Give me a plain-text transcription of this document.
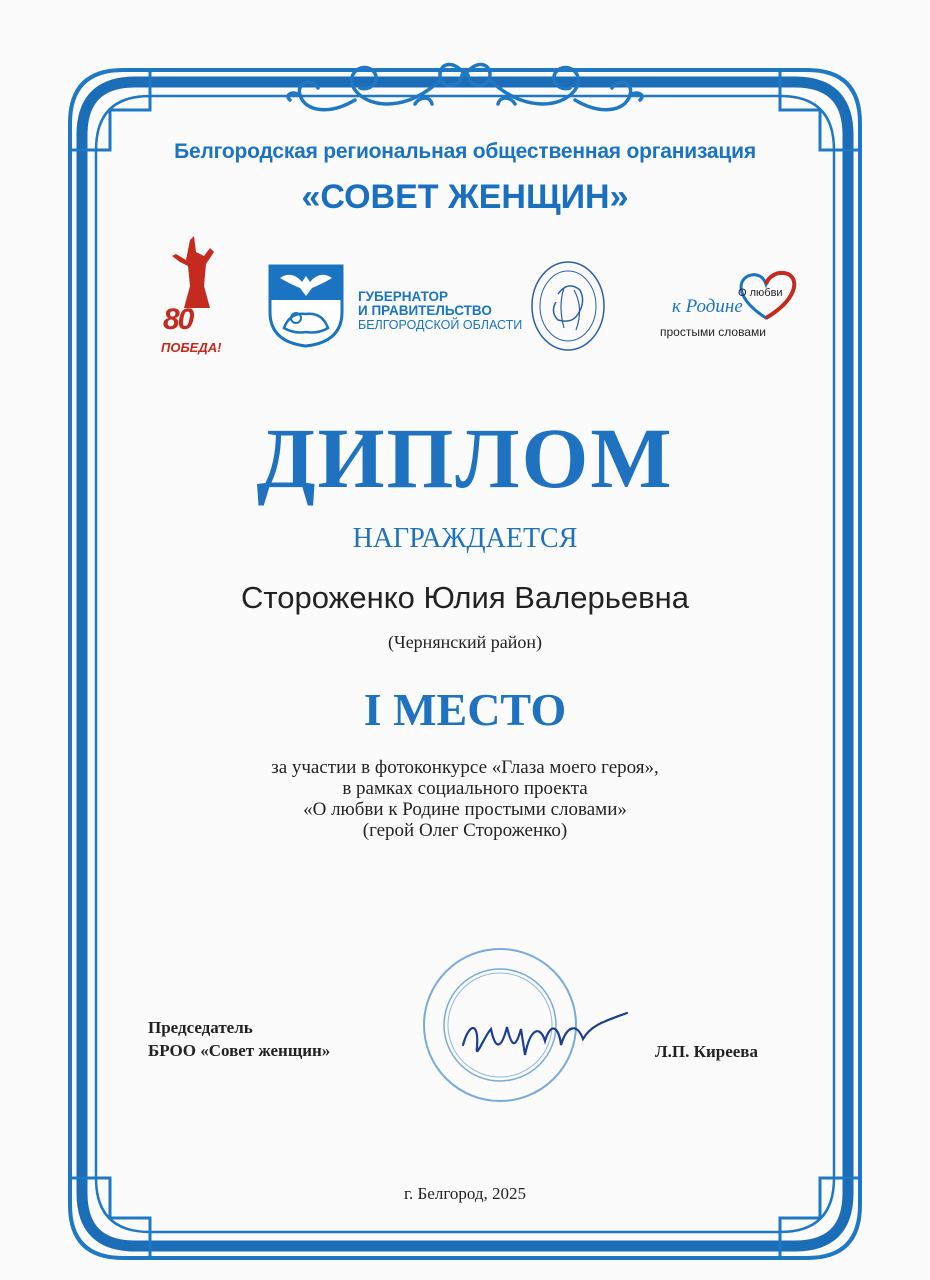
Белгородская региональная общественная организация
«СОВЕТ ЖЕНЩИН»
80
ПОБЕДА!
ГУБЕРНАТОР
И ПРАВИТЕЛЬСТВО
БЕЛГОРОДСКОЙ ОБЛАСТИ
О любви
к Родине
простыми словами
ДИПЛОМ
НАГРАЖДАЕТСЯ
Стороженко Юлия Валерьевна
(Чернянский район)
I МЕСТО
за участии в фотоконкурсе «Глаза моего героя»,
в рамках социального проекта
«О любви к Родине простыми словами»
(герой Олег Стороженко)
Председатель
БРОО «Совет женщин»	Л.П. Киреева
г. Белгород, 2025
